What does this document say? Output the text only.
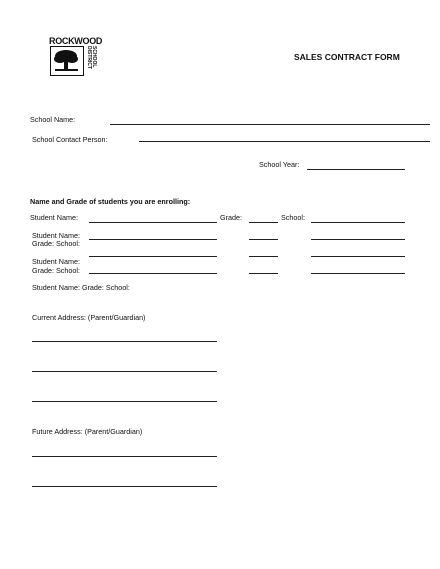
ROCKWOOD
SCHOOL DISTRICT	SALES CONTRACT FORM
School Name:
School Contact Person:
School Year:
Name and Grade of students you are enrolling:
Student Name:	Grade:	School:
Student Name:
Grade: School:
Student Name:
Grade: School:
Student Name: Grade: School:
Current Address: (Parent/Guardian)
Future Address: (Parent/Guardian)
